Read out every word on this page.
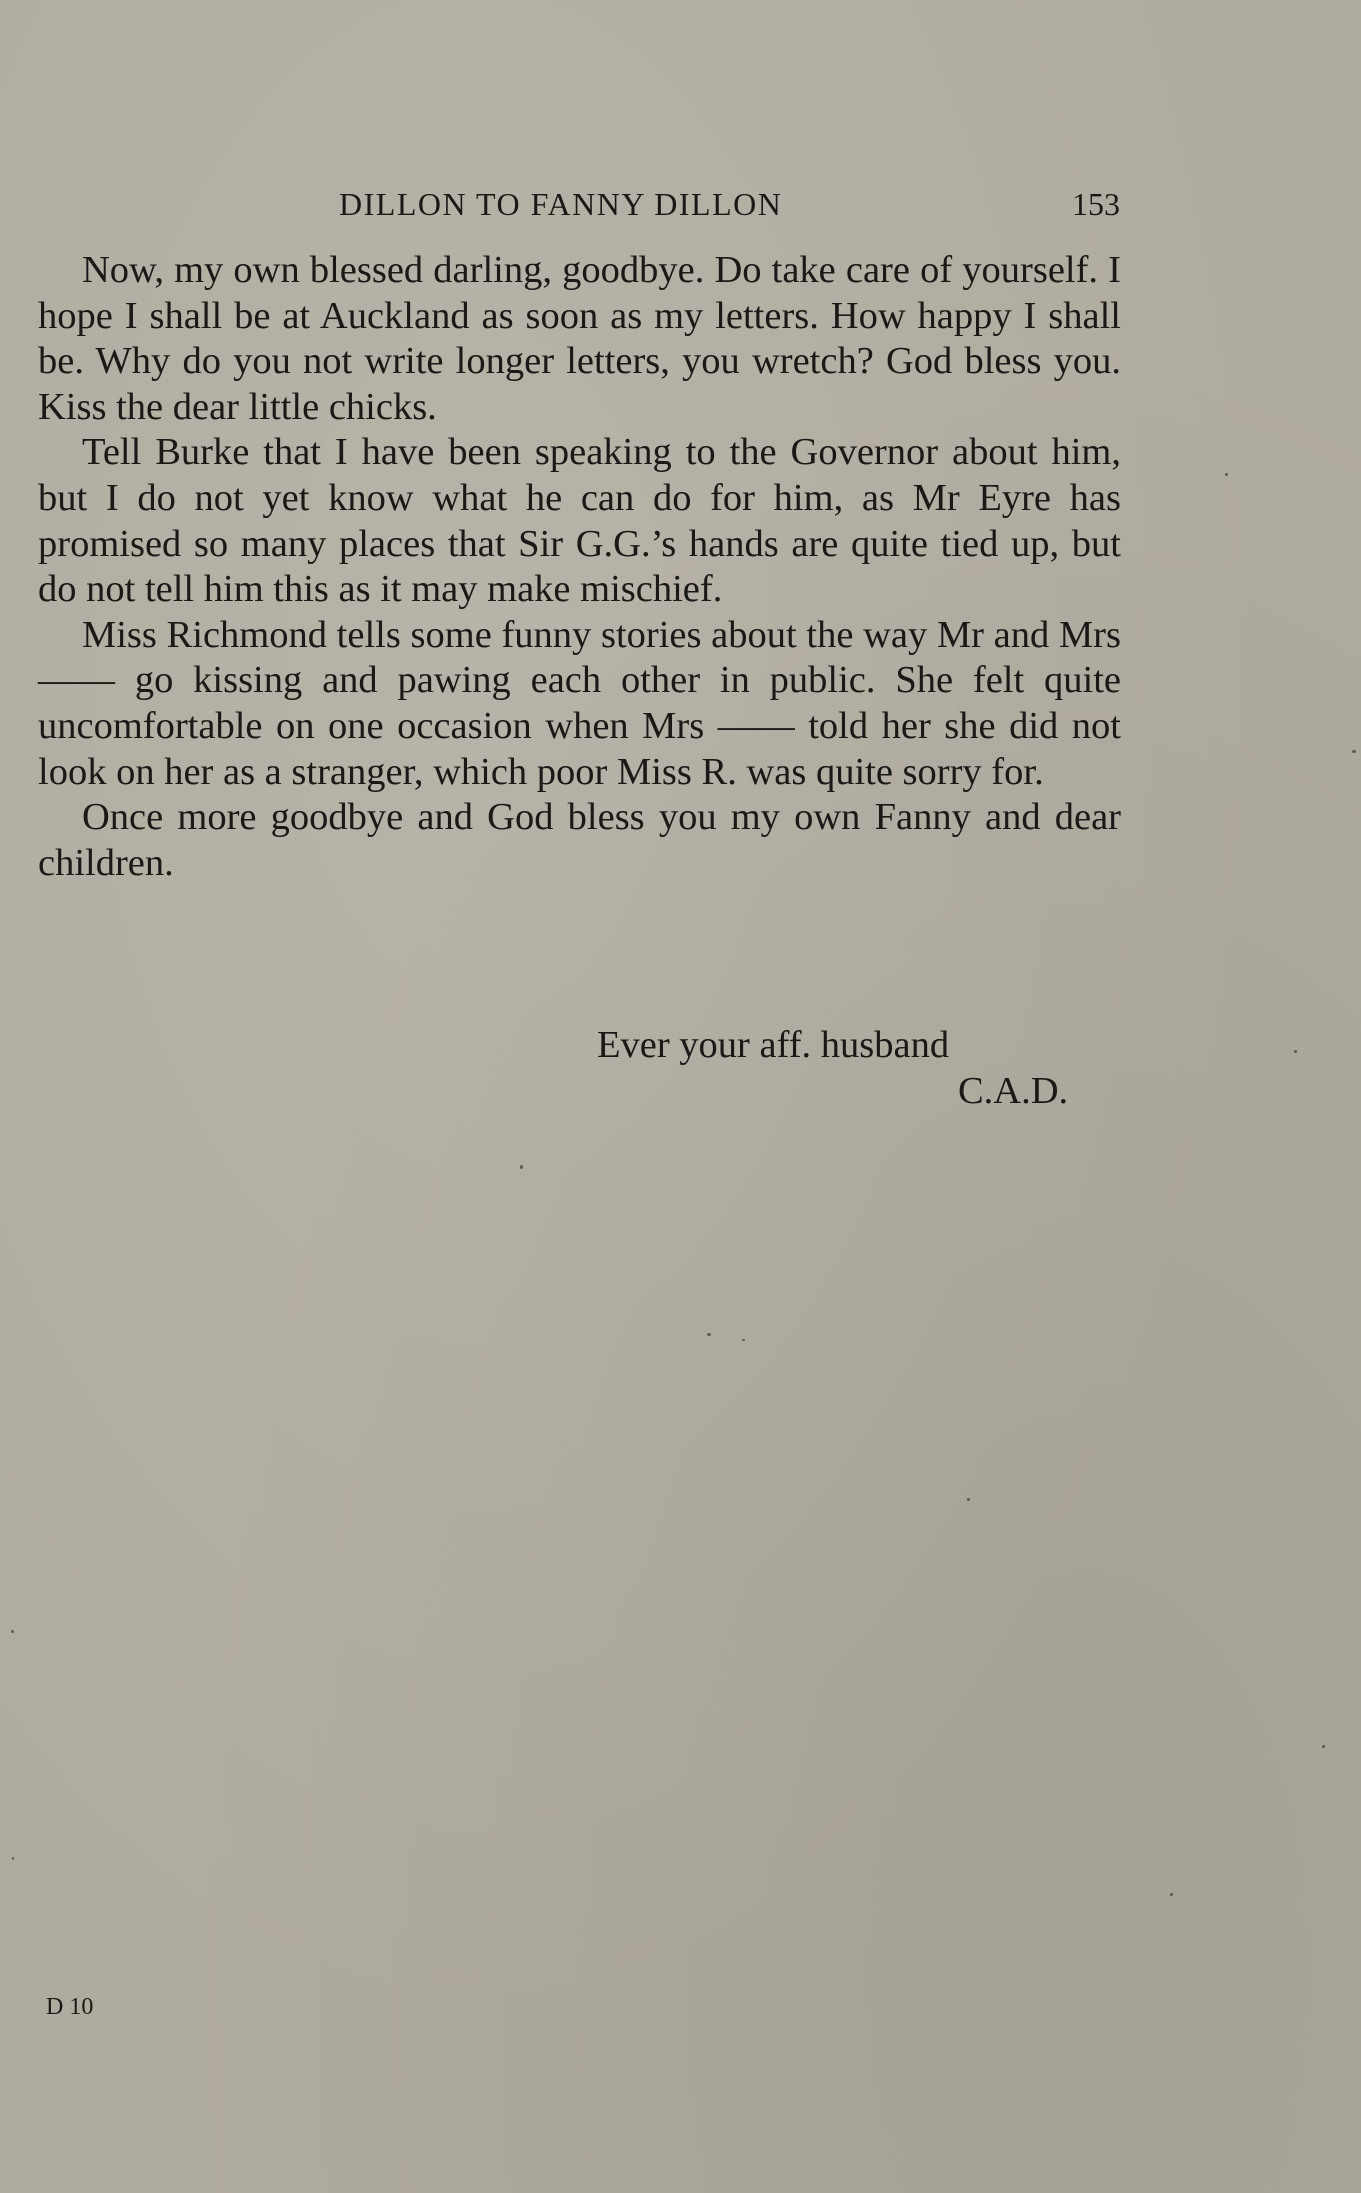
DILLON TO FANNY DILLON	153

Now, my own blessed darling, goodbye. Do take care of yourself. I hope I shall be at Auckland as soon as my letters. How happy I shall be. Why do you not write longer letters, you wretch? God bless you. Kiss the dear little chicks.

Tell Burke that I have been speaking to the Governor about him, but I do not yet know what he can do for him, as Mr Eyre has promised so many places that Sir G.G.’s hands are quite tied up, but do not tell him this as it may make mischief.

Miss Richmond tells some funny stories about the way Mr and Mrs —— go kissing and pawing each other in public. She felt quite uncomfortable on one occasion when Mrs —— told her she did not look on her as a stranger, which poor Miss R. was quite sorry for.

Once more goodbye and God bless you my own Fanny and dear children.

Ever your aff. husband
C.A.D.
D 10
